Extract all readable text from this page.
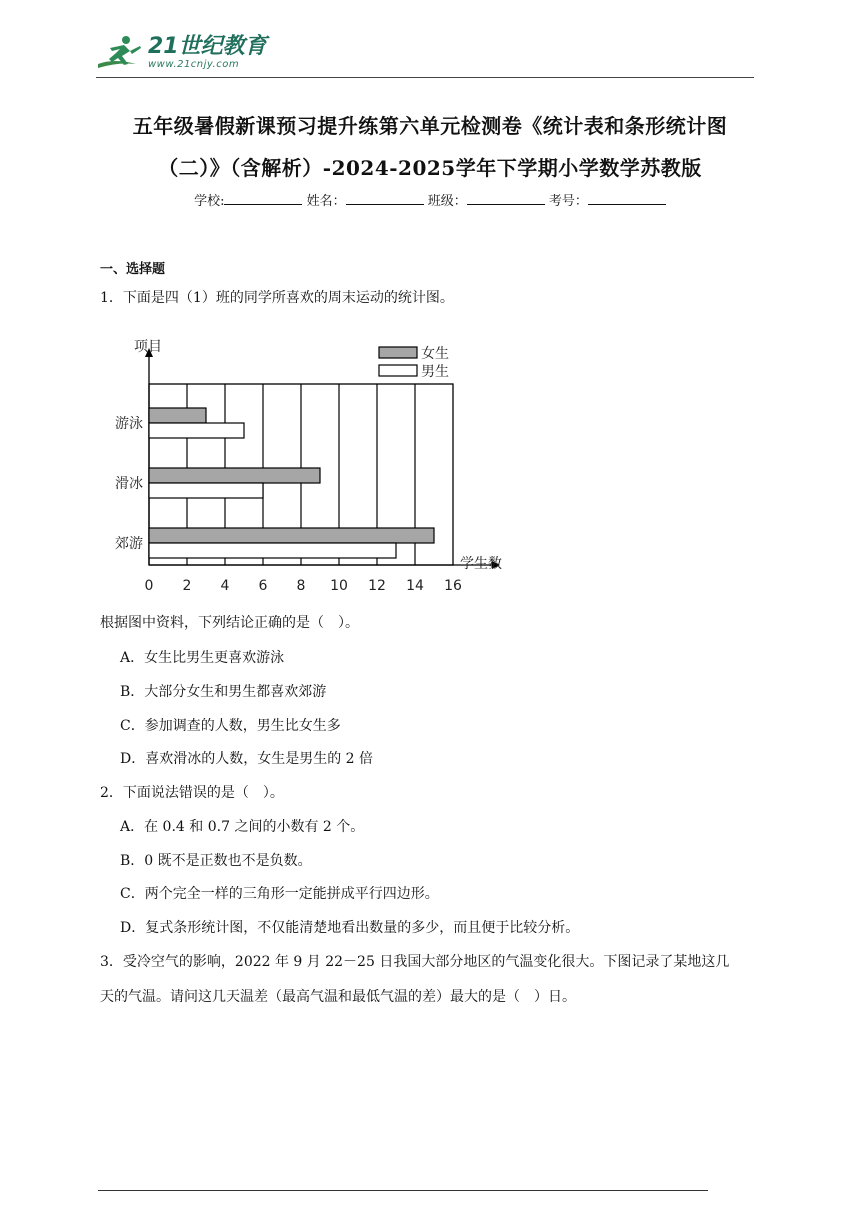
21世纪教育
www.21cnjy.com
五年级暑假新课预习提升练第六单元检测卷《统计表和条形统计图
（二）》（含解析）-2024-2025学年下学期小学数学苏教版
学校:	姓名：	班级：	考号：
一、选择题
1．下面是四（1）班的同学所喜欢的周末运动的统计图。
0 2 4 6 8 10 12 14 16
学生数
项目
游泳
滑冰
郊游
女生
男生
根据图中资料，下列结论正确的是（　）。
A．女生比男生更喜欢游泳
B．大部分女生和男生都喜欢郊游
C．参加调查的人数，男生比女生多
D．喜欢滑冰的人数，女生是男生的 2 倍
2．下面说法错误的是（　）。
A．在 0.4 和 0.7 之间的小数有 2 个。
B．0 既不是正数也不是负数。
C．两个完全一样的三角形一定能拼成平行四边形。
D．复式条形统计图，不仅能清楚地看出数量的多少，而且便于比较分析。
3．受冷空气的影响，2022 年 9 月 22－25 日我国大部分地区的气温变化很大。下图记录了某地这几
天的气温。请问这几天温差（最高气温和最低气温的差）最大的是（　）日。
